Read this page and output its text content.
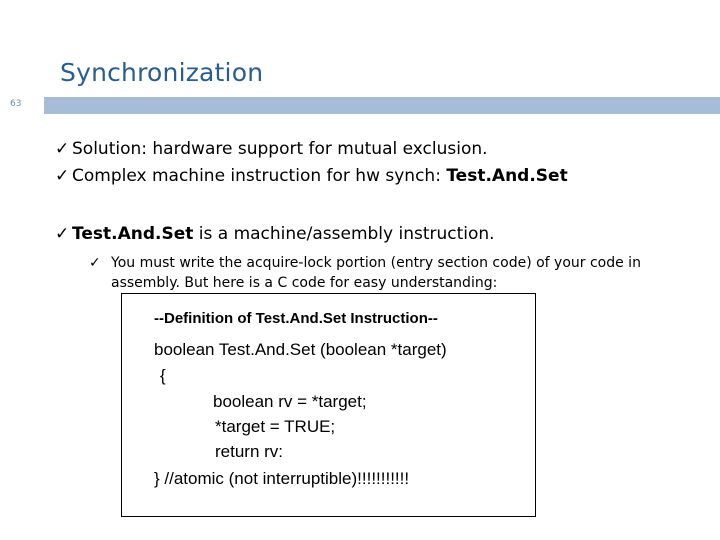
Synchronization
63
✓ Solution: hardware support for mutual exclusion.
✓ Complex machine instruction for hw synch: Test.And.Set
✓ Test.And.Set is a machine/assembly instruction.
✓ You must write the acquire-lock portion (entry section code) of your code in assembly. But here is a C code for easy understanding:
--Definition of Test.And.Set Instruction--
boolean Test.And.Set (boolean *target)
{
boolean rv = *target;
*target = TRUE;
return rv:
} //atomic (not interruptible)!!!!!!!!!!!
